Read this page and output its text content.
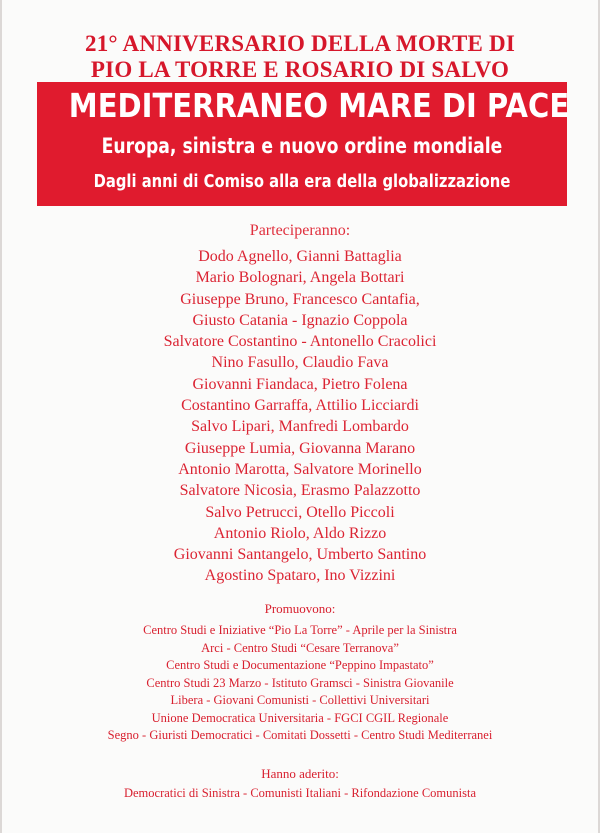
21° ANNIVERSARIO DELLA MORTE DI
PIO LA TORRE E ROSARIO DI SALVO
MEDITERRANEO MARE DI PACE
Europa, sinistra e nuovo ordine mondiale
Dagli anni di Comiso alla era della globalizzazione
Parteciperanno:
Dodo Agnello, Gianni Battaglia
Mario Bolognari, Angela Bottari
Giuseppe Bruno, Francesco Cantafia,
Giusto Catania - Ignazio Coppola
Salvatore Costantino - Antonello Cracolici
Nino Fasullo, Claudio Fava
Giovanni Fiandaca, Pietro Folena
Costantino Garraffa, Attilio Licciardi
Salvo Lipari, Manfredi Lombardo
Giuseppe Lumia, Giovanna Marano
Antonio Marotta, Salvatore Morinello
Salvatore Nicosia, Erasmo Palazzotto
Salvo Petrucci, Otello Piccoli
Antonio Riolo, Aldo Rizzo
Giovanni Santangelo, Umberto Santino
Agostino Spataro, Ino Vizzini
Promuovono:
Centro Studi e Iniziative “Pio La Torre” - Aprile per la Sinistra
Arci - Centro Studi “Cesare Terranova”
Centro Studi e Documentazione “Peppino Impastato”
Centro Studi 23 Marzo - Istituto Gramsci - Sinistra Giovanile
Libera - Giovani Comunisti - Collettivi Universitari
Unione Democratica Universitaria - FGCI CGIL Regionale
Segno - Giuristi Democratici - Comitati Dossetti - Centro Studi Mediterranei
Hanno aderito:
Democratici di Sinistra - Comunisti Italiani - Rifondazione Comunista
